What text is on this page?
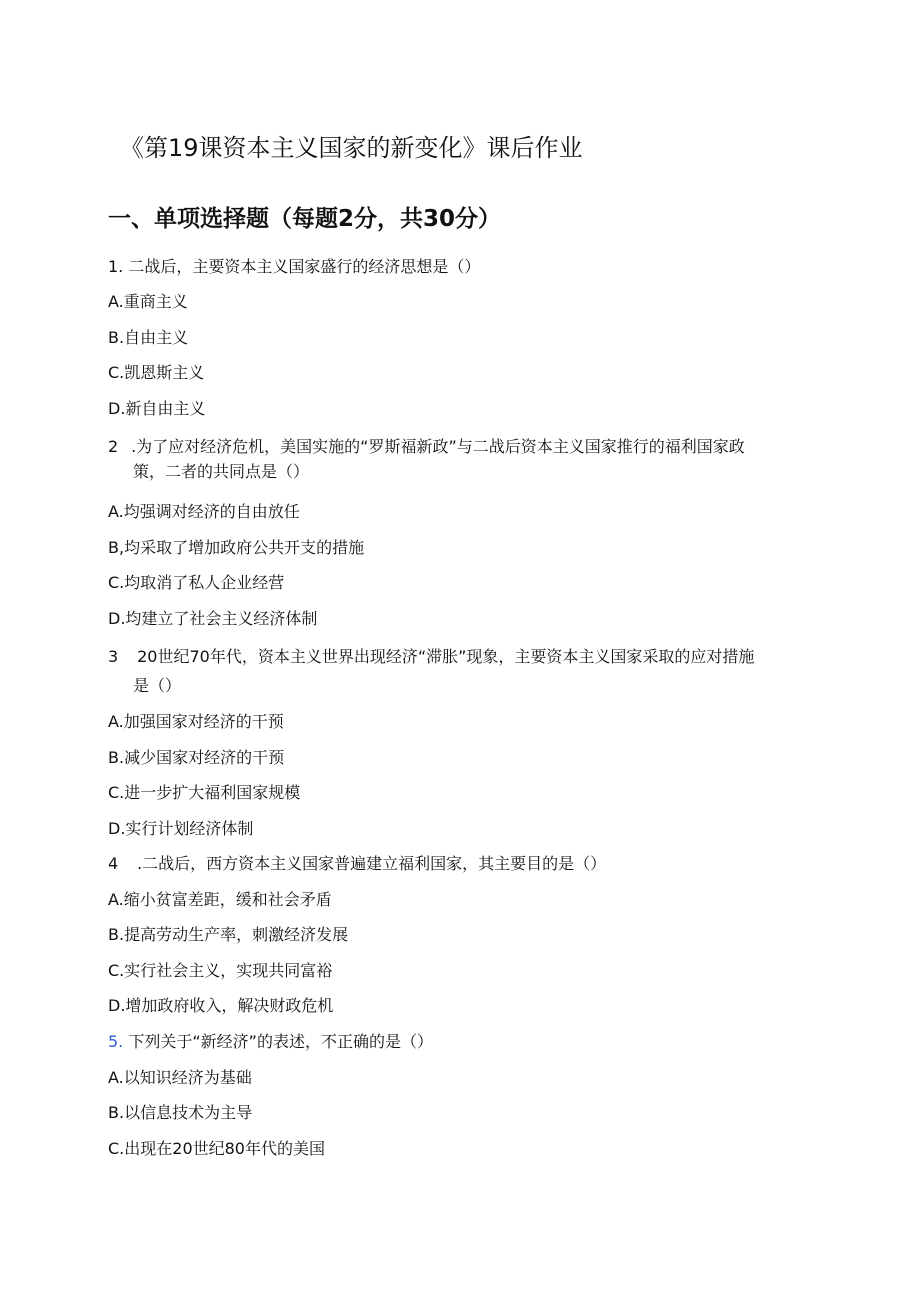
《第19课资本主义国家的新变化》课后作业
一、单项选择题（每题2分，共30分）

1. 二战后，主要资本主义国家盛行的经济思想是（）

A.重商主义

B.自由主义

C.凯恩斯主义

D.新自由主义

2 .为了应对经济危机，美国实施的“罗斯福新政”与二战后资本主义国家推行的福利国家政

策，二者的共同点是（）

A.均强调对经济的自由放任

B,均采取了增加政府公共开支的措施

C.均取消了私人企业经营

D.均建立了社会主义经济体制

3 20世纪70年代，资本主义世界出现经济“滞胀”现象，主要资本主义国家采取的应对措施

是（）

A.加强国家对经济的干预

B.减少国家对经济的干预

C.进一步扩大福利国家规模

D.实行计划经济体制

4 .二战后，西方资本主义国家普遍建立福利国家，其主要目的是（）

A.缩小贫富差距，缓和社会矛盾

B.提高劳动生产率，刺激经济发展

C.实行社会主义，实现共同富裕

D.增加政府收入，解决财政危机

5. 下列关于“新经济”的表述，不正确的是（）

A.以知识经济为基础

B.以信息技术为主导

C.出现在20世纪80年代的美国
